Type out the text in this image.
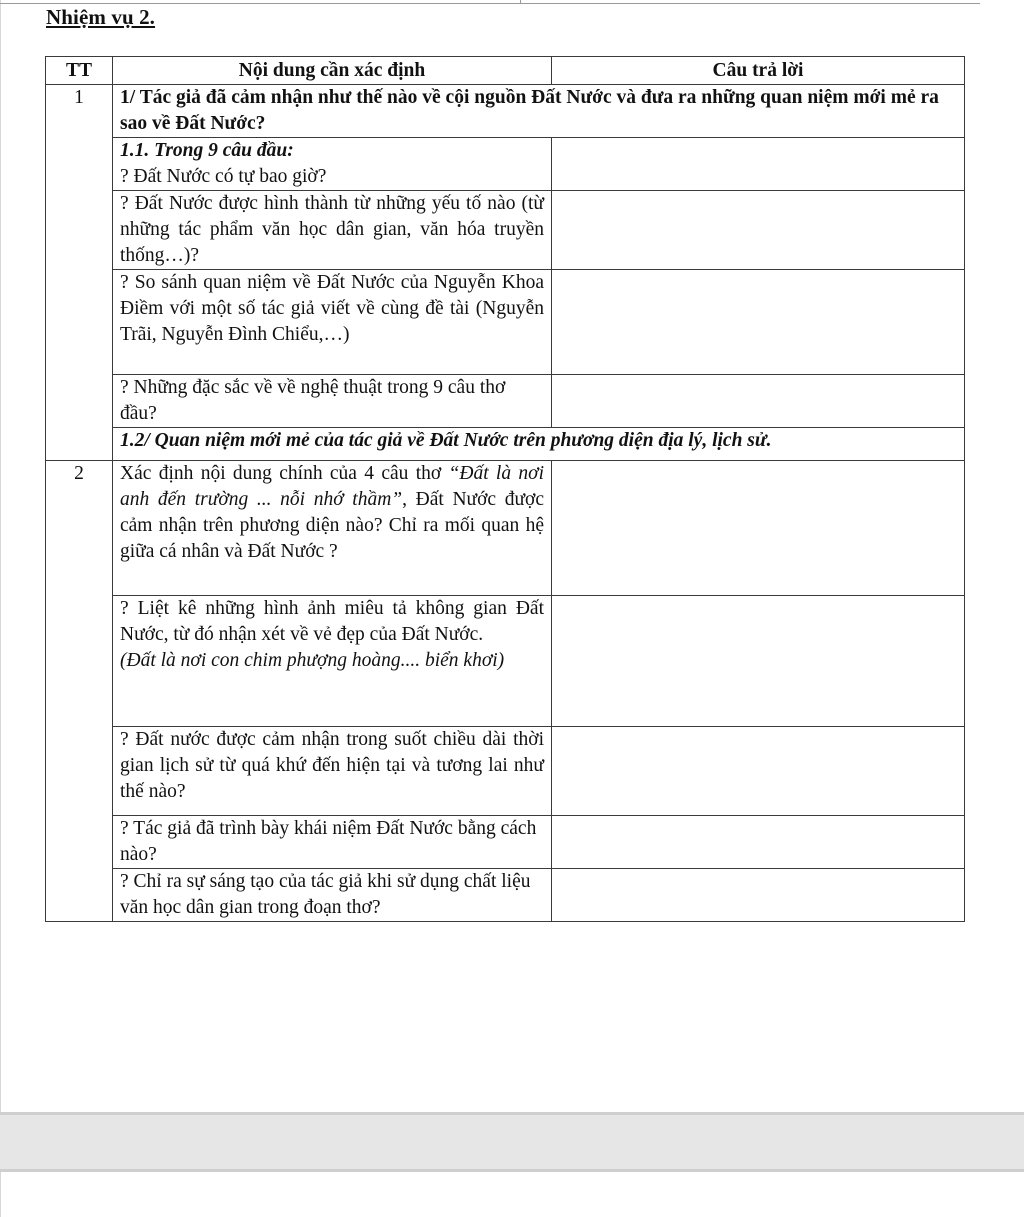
Nhiệm vụ 2.
TT	Nội dung cần xác định	Câu trả lời
1	1/ Tác giả đã cảm nhận như thế nào về cội nguồn Đất Nước và đưa ra những quan niệm mới mẻ ra sao về Đất Nước?	

	1.1. Trong 9 câu đầu:
? Đất Nước có tự bao giờ?	

	? Đất Nước được hình thành từ những yếu tố nào (từ những tác phẩm văn học dân gian, văn hóa truyền thống…)?	
	? So sánh quan niệm về Đất Nước của Nguyễn Khoa Điềm với một số tác giả viết về cùng đề tài (Nguyễn Trãi, Nguyễn Đình Chiểu,…)	
	? Những đặc sắc về về nghệ thuật trong 9 câu thơ đầu?	
	1.2/ Quan niệm mới mẻ của tác giả về Đất Nước trên phương diện địa lý, lịch sử.	
2	Xác định nội dung chính của 4 câu thơ “Đất là nơi anh đến trường ... nỗi nhớ thầm”, Đất Nước được cảm nhận trên phương diện nào? Chỉ ra mối quan hệ giữa cá nhân và Đất Nước ?	

	? Liệt kê những hình ảnh miêu tả không gian Đất Nước, từ đó nhận xét về vẻ đẹp của Đất Nước.
(Đất là nơi con chim phượng hoàng.... biển khơi)	

	? Đất nước được cảm nhận trong suốt chiều dài thời gian lịch sử từ quá khứ đến hiện tại và tương lai như thế nào?	
	? Tác giả đã trình bày khái niệm Đất Nước bằng cách nào?	
	? Chỉ ra sự sáng tạo của tác giả khi sử dụng chất liệu văn học dân gian trong đoạn thơ?	
